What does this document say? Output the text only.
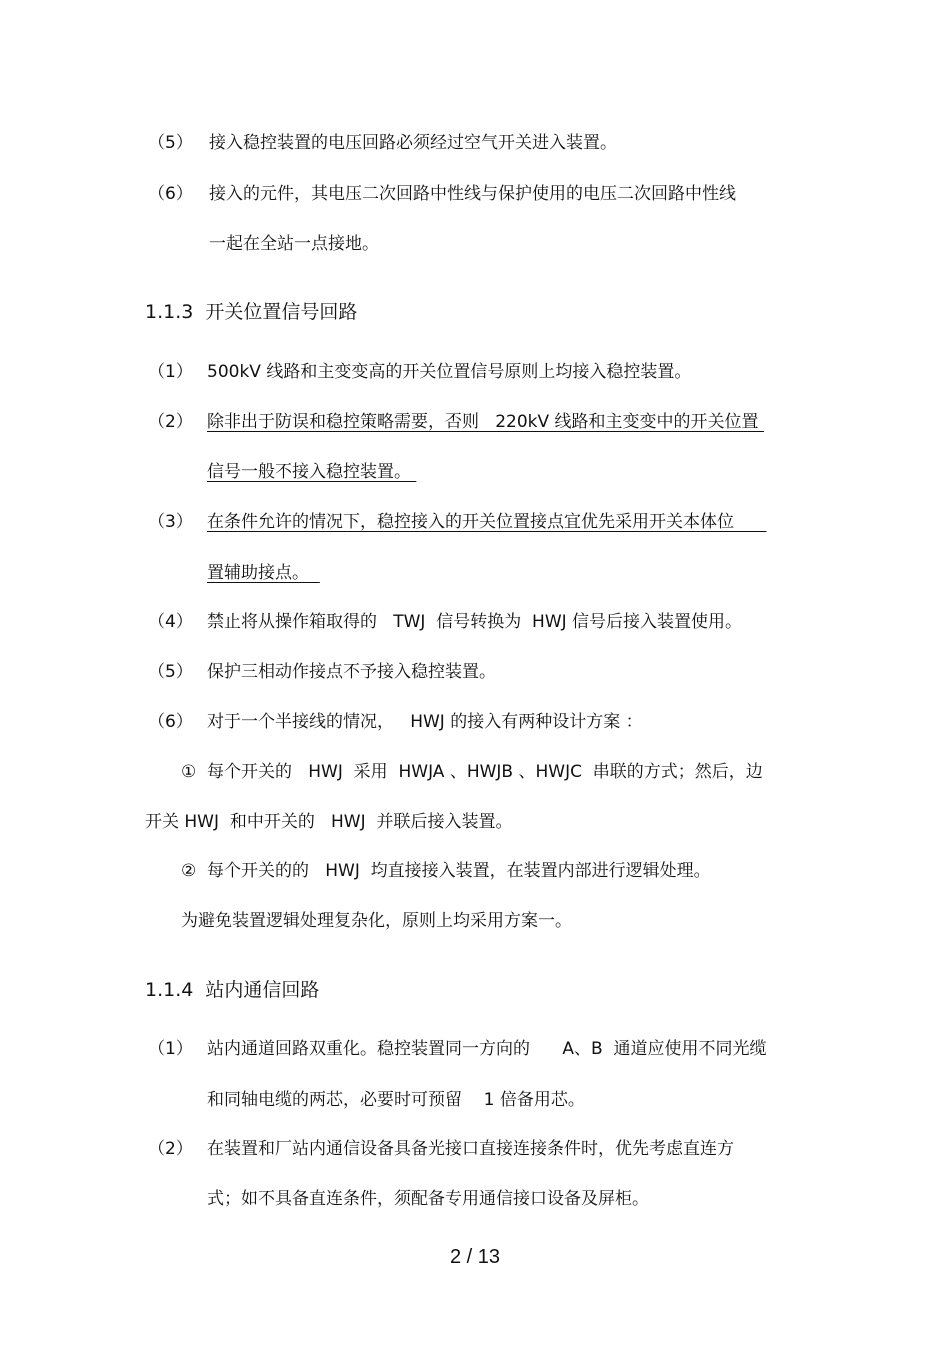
（5） 接入稳控装置的电压回路必须经过空气开关进入装置。
（6） 接入的元件，其电压二次回路中性线与保护使用的电压二次回路中性线
一起在全站一点接地。
1.1.3  开关位置信号回路
（1） 500kV 线路和主变变高的开关位置信号原则上均接入稳控装置。
（2） 除非出于防误和稳控策略需要，否则   220kV 线路和主变变中的开关位置
信号一般不接入稳控装置。
（3） 在条件允许的情况下，稳控接入的开关位置接点宜优先采用开关本体位
置辅助接点。
（4） 禁止将从操作箱取得的   TWJ  信号转换为  HWJ 信号后接入装置使用。
（5） 保护三相动作接点不予接入稳控装置。
（6） 对于一个半接线的情况，   HWJ 的接入有两种设计方案 ：
①  每个开关的   HWJ  采用  HWJA 、HWJB 、HWJC  串联的方式；然后，边
开关 HWJ  和中开关的   HWJ  并联后接入装置。
②  每个开关的的   HWJ  均直接接入装置，在装置内部进行逻辑处理。
为避免装置逻辑处理复杂化，原则上均采用方案一。
1.1.4  站内通信回路
（1） 站内通道回路双重化。稳控装置同一方向的      A、B  通道应使用不同光缆
和同轴电缆的两芯，必要时可预留    1 倍备用芯。
（2） 在装置和厂站内通信设备具备光接口直接连接条件时，优先考虑直连方
式；如不具备直连条件，须配备专用通信接口设备及屏柜。
2 / 13
